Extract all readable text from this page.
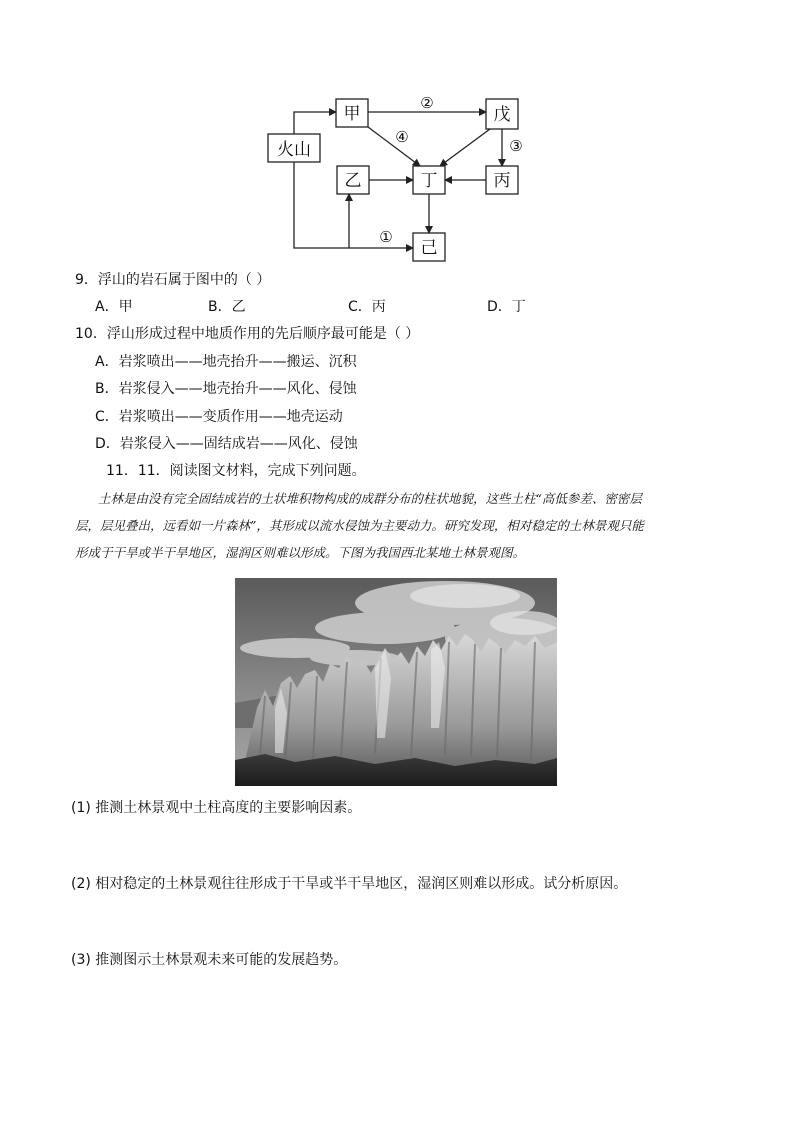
甲	戊
火山
乙	丁	丙
己
②
④	③
①
9．浮山的岩石属于图中的（ ）
A．甲	B．乙	C．丙	D．丁
10．浮山形成过程中地质作用的先后顺序最可能是（ ）
A．岩浆喷出——地壳抬升——搬运、沉积
B．岩浆侵入——地壳抬升——风化、侵蚀
C．岩浆喷出——变质作用——地壳运动
D．岩浆侵入——固结成岩——风化、侵蚀
11．11．阅读图文材料，完成下列问题。
土林是由没有完全固结成岩的土状堆积物构成的成群分布的柱状地貌，这些土柱“高低参差、密密层
层，层见叠出，远看如一片森林”，其形成以流水侵蚀为主要动力。研究发现，相对稳定的土林景观只能
形成于干旱或半干旱地区，湿润区则难以形成。下图为我国西北某地土林景观图。
(1) 推测土林景观中土柱高度的主要影响因素。
(2) 相对稳定的土林景观往往形成于干旱或半干旱地区，湿润区则难以形成。试分析原因。
(3) 推测图示土林景观未来可能的发展趋势。
